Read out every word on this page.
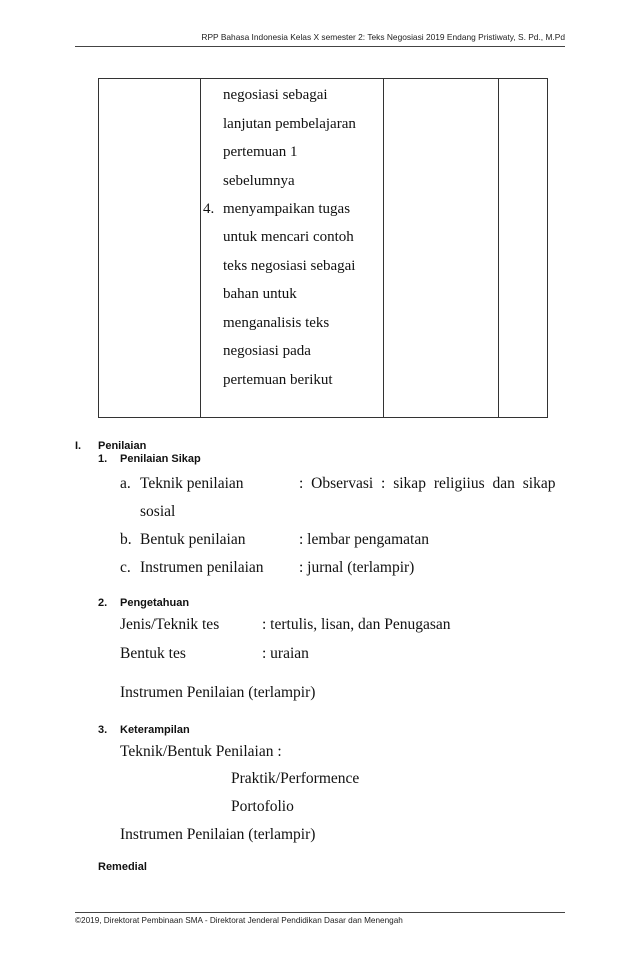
RPP Bahasa Indonesia Kelas X semester 2: Teks Negosiasi 2019 Endang Pristiwaty, S. Pd., M.Pd
negosiasi sebagai
lanjutan pembelajaran
pertemuan 1
sebelumnya
4. menyampaikan tugas
untuk mencari contoh
teks negosiasi sebagai
bahan untuk
menganalisis teks
negosiasi pada
pertemuan berikut
I. Penilaian
1. Penilaian Sikap
a. Teknik penilaian	: Observasi : sikap religiius dan sikap
sosial
b. Bentuk penilaian	: lembar pengamatan
c. Instrumen penilaian : jurnal (terlampir)
2. Pengetahuan
Jenis/Teknik tes	: tertulis, lisan, dan Penugasan
Bentuk tes	: uraian
Instrumen Penilaian (terlampir)
3. Keterampilan
Teknik/Bentuk Penilaian :
Praktik/Performence
Portofolio
Instrumen Penilaian (terlampir)
Remedial
©2019, Direktorat Pembinaan SMA - Direktorat Jenderal Pendidikan Dasar dan Menengah
